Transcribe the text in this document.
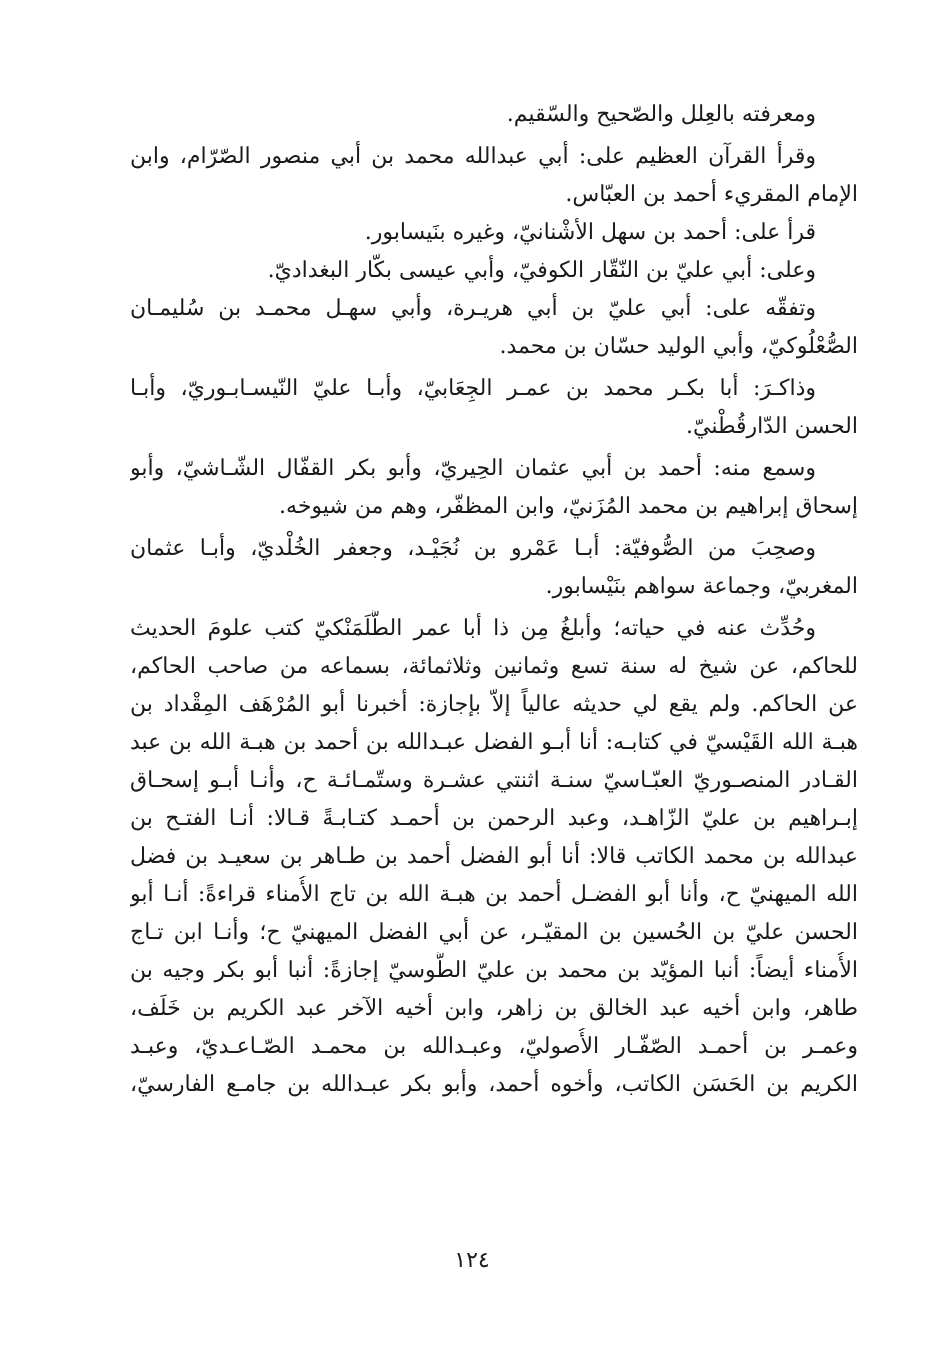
ومعرفته بالعِلل والصّحيح والسّقيم.
وقرأ القرآن العظيم على: أبي عبدالله محمد بن أبي منصور الصّرّام، وابن
الإمام المقريء أحمد بن العبّاس.
قرأ على: أحمد بن سهل الأشْنانيّ، وغيره بنَيسابور.
وعلى: أبي عليّ بن النّقّار الكوفيّ، وأبي عيسى بكّار البغداديّ.
وتفقّه على: أبي عليّ بن أبي هريـرة، وأبي سهـل محمـد بن سُليمـان
الصُّعْلُوكيّ، وأبي الوليد حسّان بن محمد.
وذاكـرَ: أبا بكـر محمد بن عمـر الجِعَابيّ، وأبـا عليّ النّيسـابـوريّ، وأبـا
الحسن الدّارقُطْنيّ.
وسمع منه: أحمد بن أبي عثمان الحِيريّ، وأبو بكر القفّال الشّـاشيّ، وأبو
إسحاق إبراهيم بن محمد المُزَنيّ، وابن المظفّر، وهم من شيوخه.
وصحِبَ من الصُّوفيّة: أبـا عَمْرو بن نُجَيْـد، وجعفر الخُلْديّ، وأبـا عثمان
المغربيّ، وجماعة سواهم بنَيْسابور.
وحُدِّث عنه في حياته؛ وأبلغُ مِن ذا أبا عمر الطَّلَمَنْكيّ كتب علومَ الحديث
للحاكم، عن شيخ له سنة تسع وثمانين وثلاثمائة، بسماعه من صاحب الحاكم،
عن الحاكم. ولم يقع لي حديثه عالياً إلاّ بإجازة: أخبرنا أبو المُرْهَف المِقْداد بن
هبـة الله القَيْسيّ في كتابـه: أنا أبـو الفضل عبـدالله بن أحمد بن هبـة الله بن عبد
القـادر المنصـوريّ العبّـاسيّ سنـة اثنتي عشـرة وستّمـائـة ح، وأنـا أبـو إسحـاق
إبـراهيم بن عليّ الزّاهـد، وعبد الرحمن بن أحمـد كتـابـةً قـالا: أنـا الفتـح بن
عبدالله بن محمد الكاتب قالا: أنا أبو الفضل أحمد بن طـاهر بن سعيـد بن فضل
الله الميهنيّ ح، وأنا أبو الفضـل أحمد بن هبـة الله بن تاج الأُمناء قراءةً: أنـا أبو
الحسن عليّ بن الحُسين بن المقيّـر، عن أبي الفضل الميهنيّ ح؛ وأنـا ابن تـاج
الأُمناء أيضاً: أنبا المؤيّد بن محمد بن عليّ الطُّوسيّ إجازةً: أنبا أبو بكر وجيه بن
طاهر، وابن أخيه عبد الخالق بن زاهر، وابن أخيه الآخر عبد الكريم بن خَلَف،
وعمـر بن أحمـد الصّفّـار الأُصوليّ، وعبـدالله بن محمـد الصّـاعـديّ، وعبـد
الكريم بن الحَسَن الكاتب، وأخوه أحمد، وأبو بكر عبـدالله بن جامـع الفارسيّ،
١٢٤
